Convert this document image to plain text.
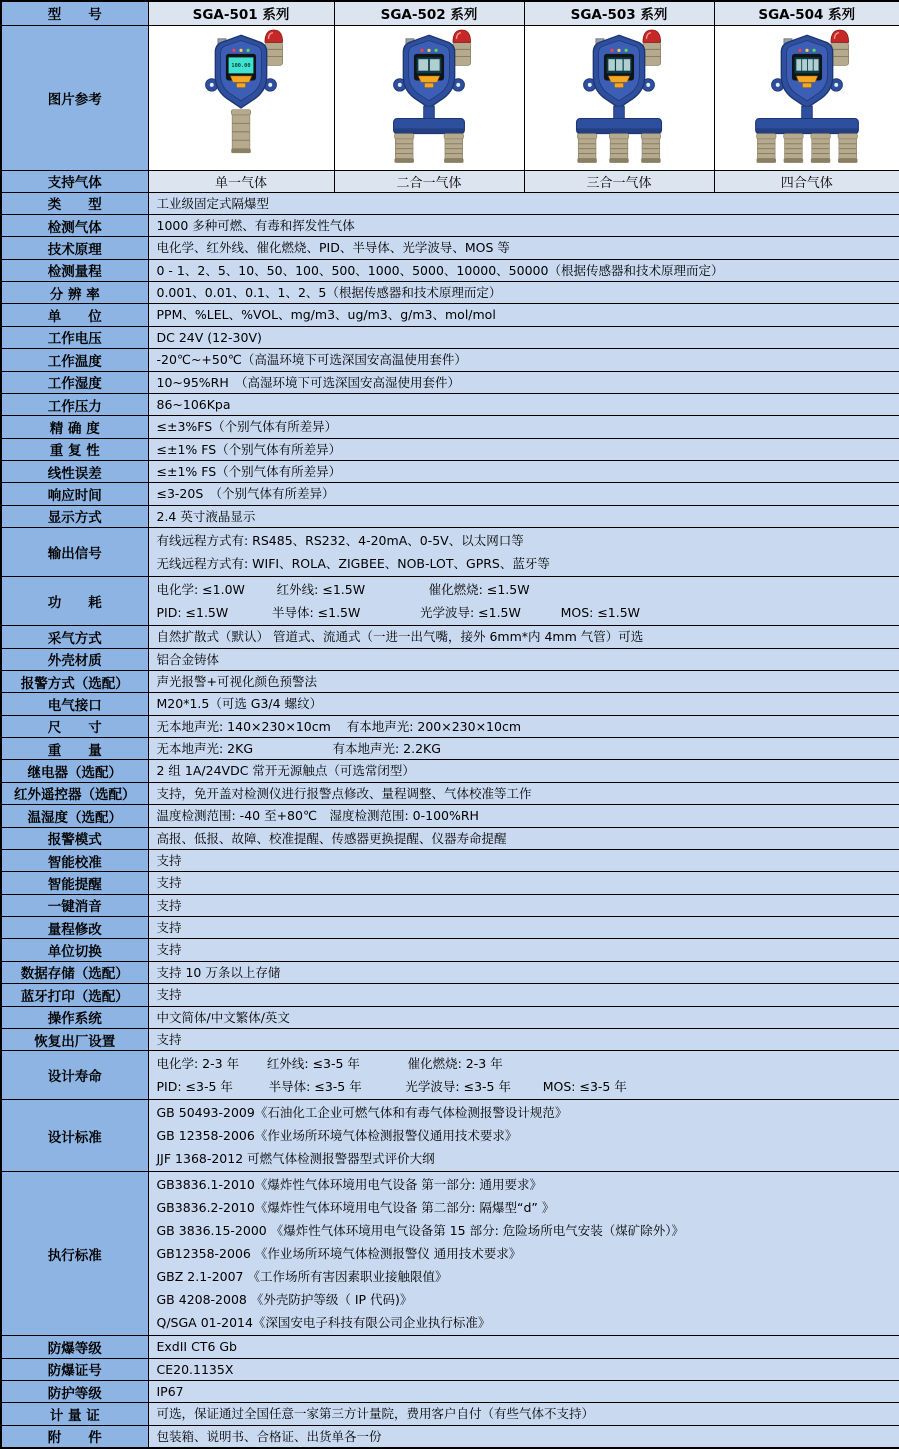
型　　号	SGA-501 系列	SGA-502 系列	SGA-503 系列	SGA-504 系列
图片参考	100.00

支持气体	单一气体	二合一气体	三合一气体	四合气体
类　　型	工业级固定式隔爆型			
检测气体	1000 多种可燃、有毒和挥发性气体			
技术原理	电化学、红外线、催化燃烧、PID、半导体、光学波导、MOS 等			
检测量程	0 - 1、2、5、10、50、100、500、1000、5000、10000、50000（根据传感器和技术原理而定）			
分 辨 率	0.001、0.01、0.1、1、2、5（根据传感器和技术原理而定）			
单　　位	PPM、%LEL、%VOL、mg/m3、ug/m3、g/m3、mol/mol			
工作电压	DC 24V (12-30V)			
工作温度	-20℃~+50℃（高温环境下可选深国安高温使用套件）			
工作湿度	10~95%RH　（高湿环境下可选深国安高湿使用套件）			
工作压力	86~106Kpa			
精 确 度	≤±3%FS（个别气体有所差异）			
重 复 性	≤±1% FS（个别气体有所差异）			
线性误差	≤±1% FS（个别气体有所差异）			
响应时间	≤3-20S　（个别气体有所差异）			
显示方式	2.4 英寸液晶显示			
输出信号	有线远程方式有: RS485、RS232、4-20mA、0-5V、以太网口等
无线远程方式有: WIFI、ROLA、ZIGBEE、NOB-LOT、GPRS、蓝牙等			

功　　耗	电化学: ≤1.0W        红外线: ≤1.5W                催化燃烧: ≤1.5W
PID: ≤1.5W           半导体: ≤1.5W               光学波导: ≤1.5W          MOS: ≤1.5W			

采气方式	自然扩散式（默认） 管道式、流通式（一进一出气嘴，接外 6mm*内 4mm 气管）可选			
外壳材质	铝合金铸体			
报警方式（选配）	声光报警+可视化颜色预警法			
电气接口	M20*1.5（可选 G3/4 螺纹）			
尺　　寸	无本地声光: 140×230×10cm    有本地声光: 200×230×10cm			
重　　量	无本地声光: 2KG                    有本地声光: 2.2KG			
继电器（选配）	2 组 1A/24VDC 常开无源触点（可选常闭型）			
红外遥控器（选配）	支持，免开盖对检测仪进行报警点修改、量程调整、气体校准等工作			
温湿度（选配）	温度检测范围: -40 至+80℃　湿度检测范围: 0-100%RH			
报警模式	高报、低报、故障、校准提醒、传感器更换提醒、仪器寿命提醒			
智能校准	支持			
智能提醒	支持			
一键消音	支持			
量程修改	支持			
单位切换	支持			
数据存储（选配）	支持 10 万条以上存储			
蓝牙打印（选配）	支持			
操作系统	中文简体/中文繁体/英文			
恢复出厂设置	支持			
设计寿命	电化学: 2-3 年       红外线: ≤3-5 年            催化燃烧: 2-3 年
PID: ≤3-5 年         半导体: ≤3-5 年           光学波导: ≤3-5 年        MOS: ≤3-5 年			

设计标准	GB 50493-2009《石油化工企业可燃气体和有毒气体检测报警设计规范》
GB 12358-2006《作业场所环境气体检测报警仪通用技术要求》
JJF 1368-2012 可燃气体检测报警器型式评价大纲			

执行标准	
GB3836.1-2010《爆炸性气体环境用电气设备 第一部分: 通用要求》
GB3836.2-2010《爆炸性气体环境用电气设备 第二部分: 隔爆型“d” 》
GB 3836.15-2000 《爆炸性气体环境用电气设备第 15 部分: 危险场所电气安装（煤矿除外）》
GB12358-2006 《作业场所环境气体检测报警仪 通用技术要求》
GBZ 2.1-2007 《工作场所有害因素职业接触限值》
GB 4208-2008 《外壳防护等级（ IP 代码)》
Q/SGA 01-2014《深国安电子科技有限公司企业执行标准》

防爆等级	ExdII CT6 Gb			
防爆证号	CE20.1135X			
防护等级	IP67			
计 量 证	可选，保证通过全国任意一家第三方计量院，费用客户自付（有些气体不支持）			
附　　件	包装箱、说明书、合格证、出货单各一份			
